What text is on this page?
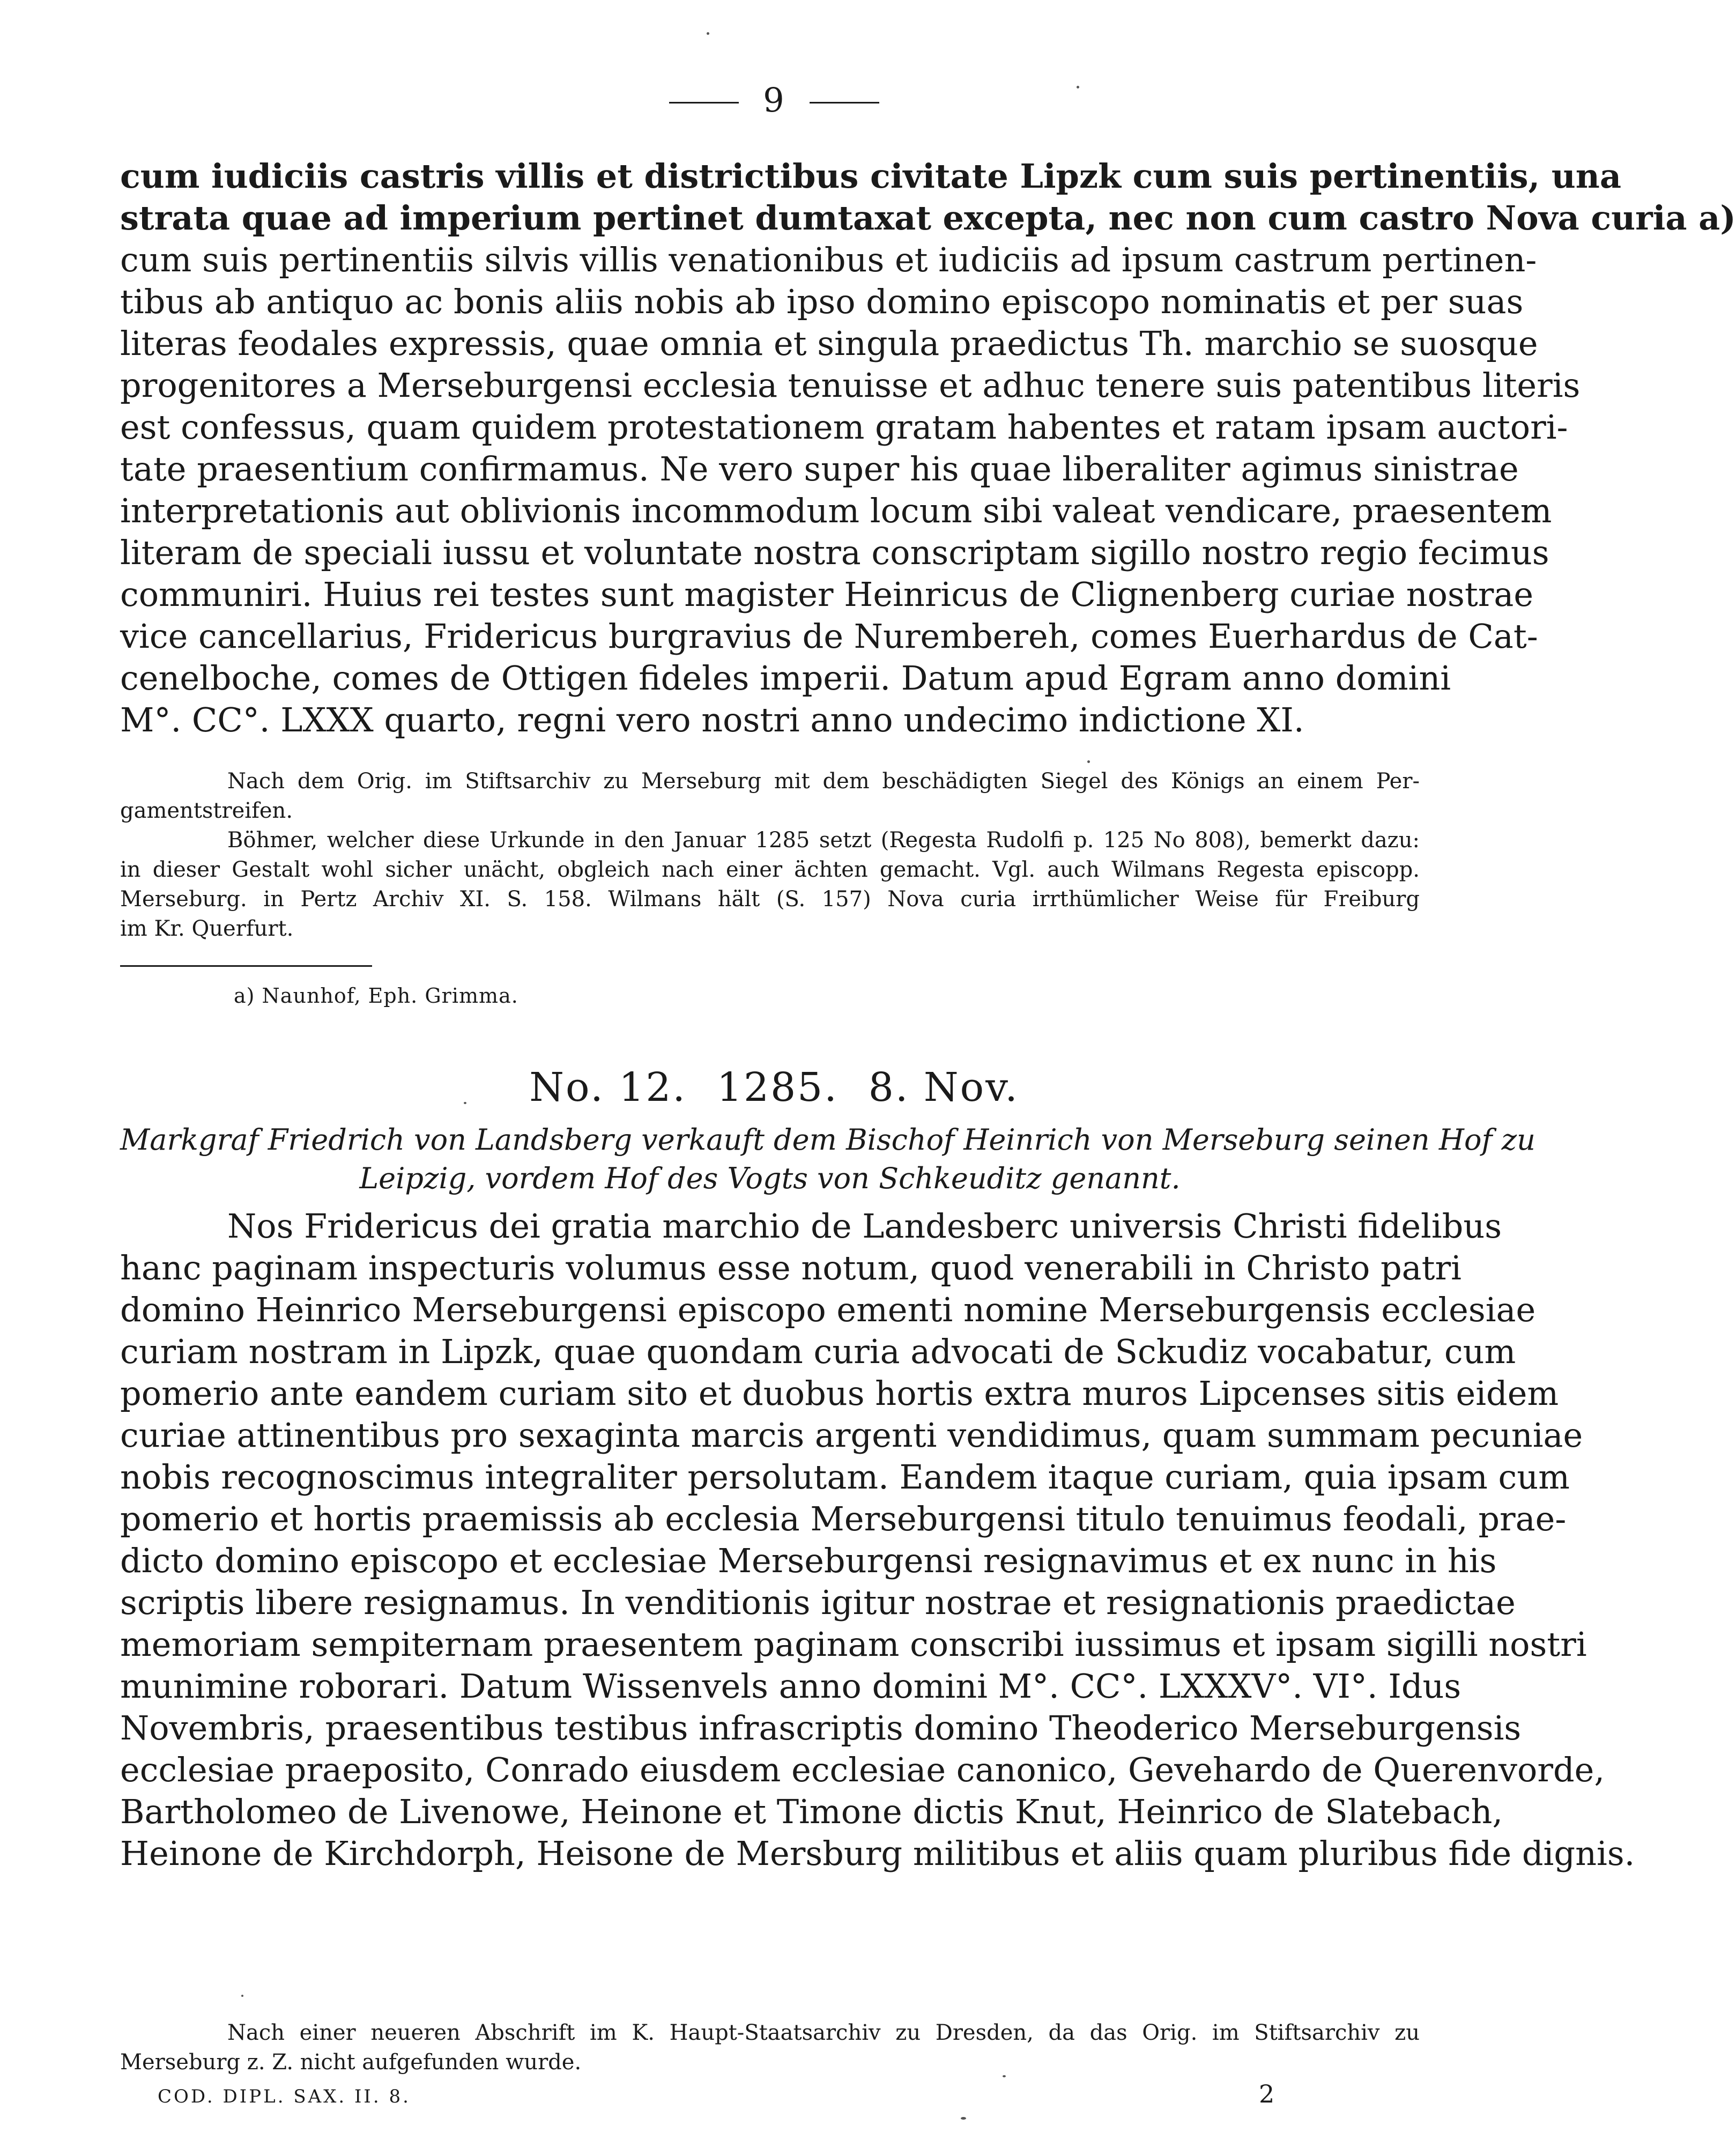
9
cum iudiciis castris villis et districtibus civitate Lipzk cum suis pertinentiis, una
strata quae ad imperium pertinet dumtaxat excepta, nec non cum castro Nova curia a)
cum suis pertinentiis silvis villis venationibus et iudiciis ad ipsum castrum pertinen-
tibus ab antiquo ac bonis aliis nobis ab ipso domino episcopo nominatis et per suas
literas feodales expressis, quae omnia et singula praedictus Th. marchio se suosque
progenitores a Merseburgensi ecclesia tenuisse et adhuc tenere suis patentibus literis
est confessus, quam quidem protestationem gratam habentes et ratam ipsam auctori-
tate praesentium confirmamus. Ne vero super his quae liberaliter agimus sinistrae
interpretationis aut oblivionis incommodum locum sibi valeat vendicare, praesentem
literam de speciali iussu et voluntate nostra conscriptam sigillo nostro regio fecimus
communiri. Huius rei testes sunt magister Heinricus de Clignenberg curiae nostrae
vice cancellarius, Fridericus burgravius de Nurembereh, comes Euerhardus de Cat-
cenelboche, comes de Ottigen fideles imperii. Datum apud Egram anno domini
M°. CC°. LXXX quarto, regni vero nostri anno undecimo indictione XI.
Nach dem Orig. im Stiftsarchiv zu Merseburg mit dem beschädigten Siegel des Königs an einem Per-
gamentstreifen.
Böhmer, welcher diese Urkunde in den Januar 1285 setzt (Regesta Rudolfi p. 125 No 808), bemerkt dazu:
in dieser Gestalt wohl sicher unächt, obgleich nach einer ächten gemacht. Vgl. auch Wilmans Regesta episcopp.
Merseburg. in Pertz Archiv XI. S. 158. Wilmans hält (S. 157) Nova curia irrthümlicher Weise für Freiburg
im Kr. Querfurt.
a) Naunhof, Eph. Grimma.
No. 12. 1285. 8. Nov.
Markgraf Friedrich von Landsberg verkauft dem Bischof Heinrich von Merseburg seinen Hof zu
Leipzig, vordem Hof des Vogts von Schkeuditz genannt.
Nos Fridericus dei gratia marchio de Landesberc universis Christi fidelibus
hanc paginam inspecturis volumus esse notum, quod venerabili in Christo patri
domino Heinrico Merseburgensi episcopo ementi nomine Merseburgensis ecclesiae
curiam nostram in Lipzk, quae quondam curia advocati de Sckudiz vocabatur, cum
pomerio ante eandem curiam sito et duobus hortis extra muros Lipcenses sitis eidem
curiae attinentibus pro sexaginta marcis argenti vendidimus, quam summam pecuniae
nobis recognoscimus integraliter persolutam. Eandem itaque curiam, quia ipsam cum
pomerio et hortis praemissis ab ecclesia Merseburgensi titulo tenuimus feodali, prae-
dicto domino episcopo et ecclesiae Merseburgensi resignavimus et ex nunc in his
scriptis libere resignamus. In venditionis igitur nostrae et resignationis praedictae
memoriam sempiternam praesentem paginam conscribi iussimus et ipsam sigilli nostri
munimine roborari. Datum Wissenvels anno domini M°. CC°. LXXXV°. VI°. Idus
Novembris, praesentibus testibus infrascriptis domino Theoderico Merseburgensis
ecclesiae praeposito, Conrado eiusdem ecclesiae canonico, Gevehardo de Querenvorde,
Bartholomeo de Livenowe, Heinone et Timone dictis Knut, Heinrico de Slatebach,
Heinone de Kirchdorph, Heisone de Mersburg militibus et aliis quam pluribus fide dignis.
Nach einer neueren Abschrift im K. Haupt-Staatsarchiv zu Dresden, da das Orig. im Stiftsarchiv zu
Merseburg z. Z. nicht aufgefunden wurde.
COD. DIPL. SAX. II. 8.	2
